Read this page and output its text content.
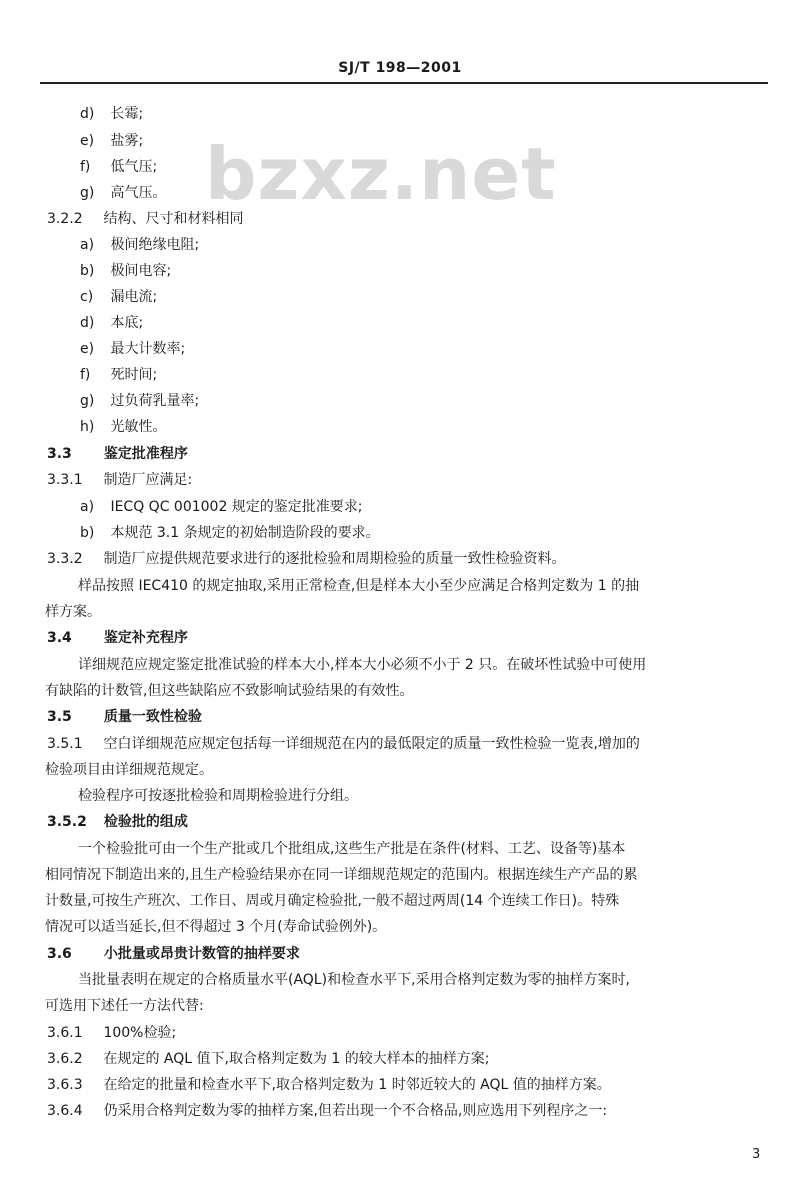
SJ/T 198—2001
bzxz.net
d) 长霉;
e) 盐雾;
f) 低气压;
g) 高气压。
3.2.2 结构、尺寸和材料相同
a) 极间绝缘电阻;
b) 极间电容;
c) 漏电流;
d) 本底;
e) 最大计数率;
f) 死时间;
g) 过负荷乳量率;
h) 光敏性。
3.3 鉴定批准程序
3.3.1 制造厂应满足:
a) IECQ QC 001002 规定的鉴定批准要求;
b) 本规范 3.1 条规定的初始制造阶段的要求。
3.3.2 制造厂应提供规范要求进行的逐批检验和周期检验的质量一致性检验资料。
样品按照 IEC410 的规定抽取,采用正常检查,但是样本大小至少应满足合格判定数为 1 的抽
样方案。
3.4 鉴定补充程序
详细规范应规定鉴定批准试验的样本大小,样本大小必须不小于 2 只。在破坏性试验中可使用
有缺陷的计数管,但这些缺陷应不致影响试验结果的有效性。
3.5 质量一致性检验
3.5.1 空白详细规范应规定包括每一详细规范在内的最低限定的质量一致性检验一览表,增加的
检验项目由详细规范规定。
检验程序可按逐批检验和周期检验进行分组。
3.5.2 检验批的组成
一个检验批可由一个生产批或几个批组成,这些生产批是在条件(材料、工艺、设备等)基本
相同情况下制造出来的,且生产检验结果亦在同一详细规范规定的范围内。根据连续生产产品的累
计数量,可按生产班次、工作日、周或月确定检验批,一般不超过两周(14 个连续工作日)。特殊
情况可以适当延长,但不得超过 3 个月(寿命试验例外)。
3.6 小批量或昂贵计数管的抽样要求
当批量表明在规定的合格质量水平(AQL)和检查水平下,采用合格判定数为零的抽样方案时,
可选用下述任一方法代替:
3.6.1 100%检验;
3.6.2 在规定的 AQL 值下,取合格判定数为 1 的较大样本的抽样方案;
3.6.3 在给定的批量和检查水平下,取合格判定数为 1 时邻近较大的 AQL 值的抽样方案。
3.6.4 仍采用合格判定数为零的抽样方案,但若出现一个不合格品,则应选用下列程序之一:
3
